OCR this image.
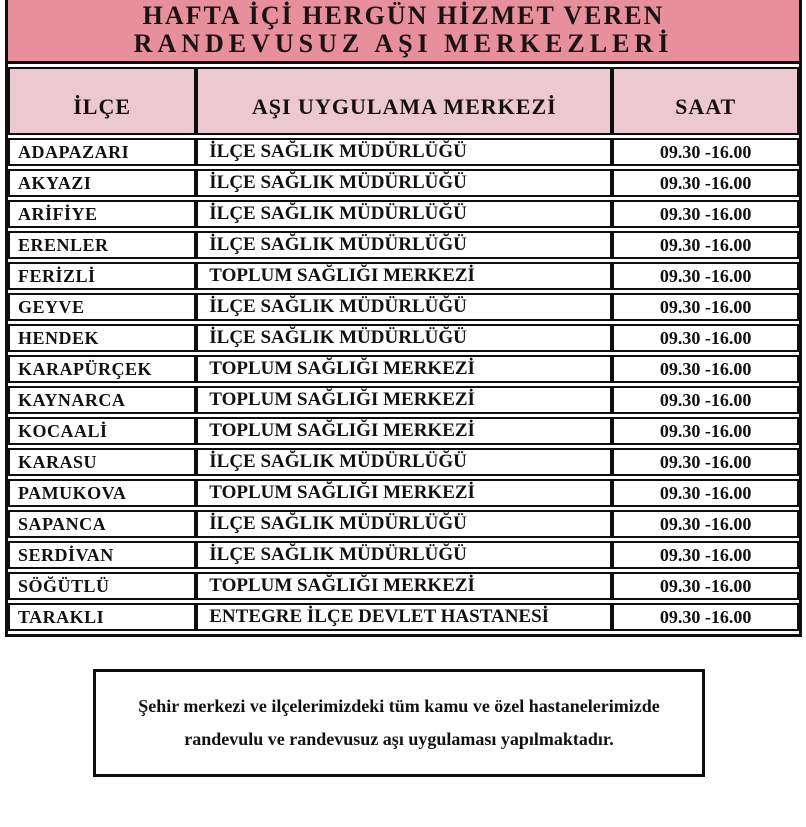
HAFTA İÇİ HERGÜN HİZMET VEREN
RANDEVUSUZ AŞI MERKEZLERİ
İLÇE	AŞI UYGULAMA MERKEZİ	SAAT
ADAPAZARI	İLÇE SAĞLIK MÜDÜRLÜĞÜ	09.30 -16.00
AKYAZI	İLÇE SAĞLIK MÜDÜRLÜĞÜ	09.30 -16.00
ARİFİYE	İLÇE SAĞLIK MÜDÜRLÜĞÜ	09.30 -16.00
ERENLER	İLÇE SAĞLIK MÜDÜRLÜĞÜ	09.30 -16.00
FERİZLİ	TOPLUM SAĞLIĞI MERKEZİ	09.30 -16.00
GEYVE	İLÇE SAĞLIK MÜDÜRLÜĞÜ	09.30 -16.00
HENDEK	İLÇE SAĞLIK MÜDÜRLÜĞÜ	09.30 -16.00
KARAPÜRÇEK	TOPLUM SAĞLIĞI MERKEZİ	09.30 -16.00
KAYNARCA	TOPLUM SAĞLIĞI MERKEZİ	09.30 -16.00
KOCAALİ	TOPLUM SAĞLIĞI MERKEZİ	09.30 -16.00
KARASU	İLÇE SAĞLIK MÜDÜRLÜĞÜ	09.30 -16.00
PAMUKOVA	TOPLUM SAĞLIĞI MERKEZİ	09.30 -16.00
SAPANCA	İLÇE SAĞLIK MÜDÜRLÜĞÜ	09.30 -16.00
SERDİVAN	İLÇE SAĞLIK MÜDÜRLÜĞÜ	09.30 -16.00
SÖĞÜTLÜ	TOPLUM SAĞLIĞI MERKEZİ	09.30 -16.00
TARAKLI	ENTEGRE İLÇE DEVLET HASTANESİ	09.30 -16.00
Şehir merkezi ve ilçelerimizdeki tüm kamu ve özel hastanelerimizde
randevulu ve randevusuz aşı uygulaması yapılmaktadır.
